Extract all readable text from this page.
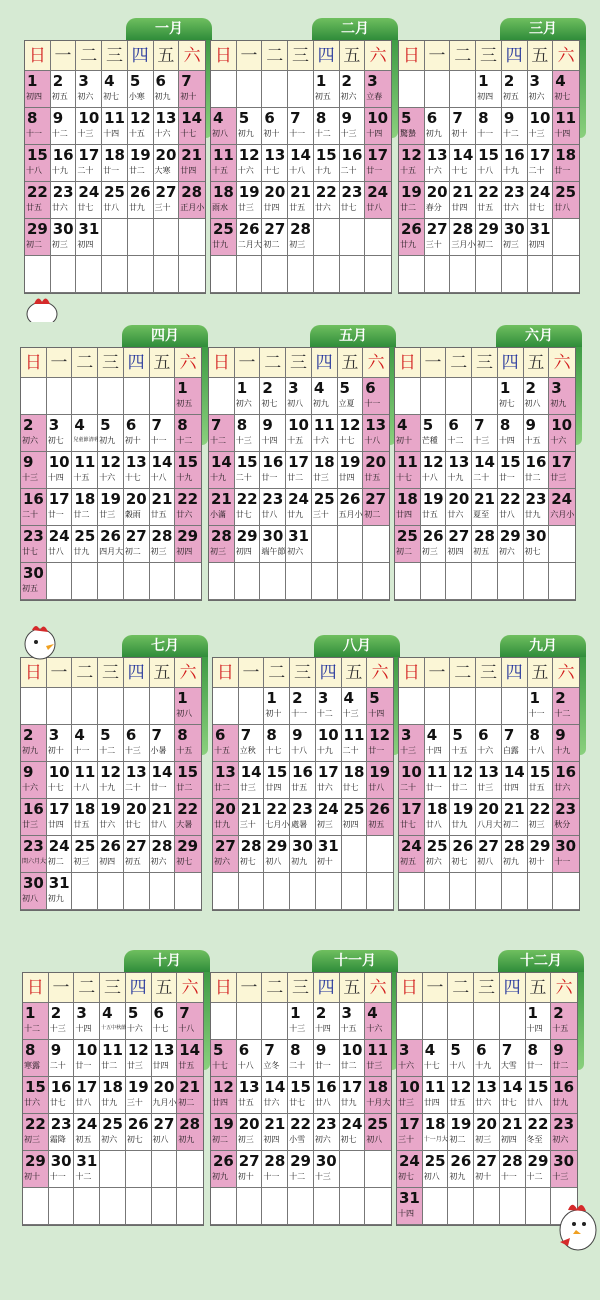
一月
日 一 二 三 四 五 六
1
初四
2
初五
3
初六
4
初七
5
小寒
6
初九
7
初十
8
十一
9
十二
10
十三
11
十四
12
十五
13
十六
14
十七
15
十八
16
十九
17
二十
18
廿一
19
廿二
20
大寒
21
廿四
22
廿五
23
廿六
24
廿七
25
廿八
26
廿九
27
三十
28
正月小
29
初二
30
初三
31
初四
二月
日 一 二 三 四 五 六
1
初五
2
初六
3
立春
4
初八
5
初九
6
初十
7
十一
8
十二
9
十三
10
十四
11
十五
12
十六
13
十七
14
十八
15
十九
16
二十
17
廿一
18
雨水
19
廿三
20
廿四
21
廿五
22
廿六
23
廿七
24
廿八
25
廿九
26
二月大
27
初二
28
初三
三月
日 一 二 三 四 五 六
1
初四
2
初五
3
初六
4
初七
5
驚蟄
6
初九
7
初十
8
十一
9
十二
10
十三
11
十四
12
十五
13
十六
14
十七
15
十八
16
十九
17
二十
18
廿一
19
廿二
20
春分
21
廿四
22
廿五
23
廿六
24
廿七
25
廿八
26
廿九
27
三十
28
三月小
29
初二
30
初三
31
初四
四月
日 一 二 三 四 五 六
1
初五
2
初六
3
初七
4
兒童節清明
5
初九
6
初十
7
十一
8
十二
9
十三
10
十四
11
十五
12
十六
13
十七
14
十八
15
十九
16
二十
17
廿一
18
廿二
19
廿三
20
穀雨
21
廿五
22
廿六
23
廿七
24
廿八
25
廿九
26
四月大
27
初二
28
初三
29
初四
30
初五
五月
日 一 二 三 四 五 六
1
初六
2
初七
3
初八
4
初九
5
立夏
6
十一
7
十二
8
十三
9
十四
10
十五
11
十六
12
十七
13
十八
14
十九
15
二十
16
廿一
17
廿二
18
廿三
19
廿四
20
廿五
21
小滿
22
廿七
23
廿八
24
廿九
25
三十
26
五月小
27
初二
28
初三
29
初四
30
端午節
31
初六
六月
日 一 二 三 四 五 六
1
初七
2
初八
3
初九
4
初十
5
芒種
6
十二
7
十三
8
十四
9
十五
10
十六
11
十七
12
十八
13
十九
14
二十
15
廿一
16
廿二
17
廿三
18
廿四
19
廿五
20
廿六
21
夏至
22
廿八
23
廿九
24
六月小
25
初二
26
初三
27
初四
28
初五
29
初六
30
初七
七月
日 一 二 三 四 五 六
1
初八
2
初九
3
初十
4
十一
5
十二
6
十三
7
小暑
8
十五
9
十六
10
十七
11
十八
12
十九
13
二十
14
廿一
15
廿二
16
廿三
17
廿四
18
廿五
19
廿六
20
廿七
21
廿八
22
大暑
23
閏六月大
24
初二
25
初三
26
初四
27
初五
28
初六
29
初七
30
初八
31
初九
八月
日 一 二 三 四 五 六
1
初十
2
十一
3
十二
4
十三
5
十四
6
十五
7
立秋
8
十七
9
十八
10
十九
11
二十
12
廿一
13
廿二
14
廿三
15
廿四
16
廿五
17
廿六
18
廿七
19
廿八
20
廿九
21
三十
22
七月小
23
處暑
24
初三
25
初四
26
初五
27
初六
28
初七
29
初八
30
初九
31
初十
九月
日 一 二 三 四 五 六
1
十一
2
十二
3
十三
4
十四
5
十五
6
十六
7
白露
8
十八
9
十九
10
二十
11
廿一
12
廿二
13
廿三
14
廿四
15
廿五
16
廿六
17
廿七
18
廿八
19
廿九
20
八月大
21
初二
22
初三
23
秋分
24
初五
25
初六
26
初七
27
初八
28
初九
29
初十
30
十一
十月
日 一 二 三 四 五 六
1
十二
2
十三
3
十四
4
十五中秋節
5
十六
6
十七
7
十八
8
寒露
9
二十
10
廿一
11
廿二
12
廿三
13
廿四
14
廿五
15
廿六
16
廿七
17
廿八
18
廿九
19
三十
20
九月小
21
初二
22
初三
23
霜降
24
初五
25
初六
26
初七
27
初八
28
初九
29
初十
30
十一
31
十二
十一月
日 一 二 三 四 五 六
1
十三
2
十四
3
十五
4
十六
5
十七
6
十八
7
立冬
8
二十
9
廿一
10
廿二
11
廿三
12
廿四
13
廿五
14
廿六
15
廿七
16
廿八
17
廿九
18
十月大
19
初二
20
初三
21
初四
22
小雪
23
初六
24
初七
25
初八
26
初九
27
初十
28
十一
29
十二
30
十三
十二月
日 一 二 三 四 五 六
1
十四
2
十五
3
十六
4
十七
5
十八
6
十九
7
大雪
8
廿一
9
廿二
10
廿三
11
廿四
12
廿五
13
廿六
14
廿七
15
廿八
16
廿九
17
三十
18
十一月大
19
初二
20
初三
21
初四
22
冬至
23
初六
24
初七
25
初八
26
初九
27
初十
28
十一
29
十二
30
十三
31
十四
